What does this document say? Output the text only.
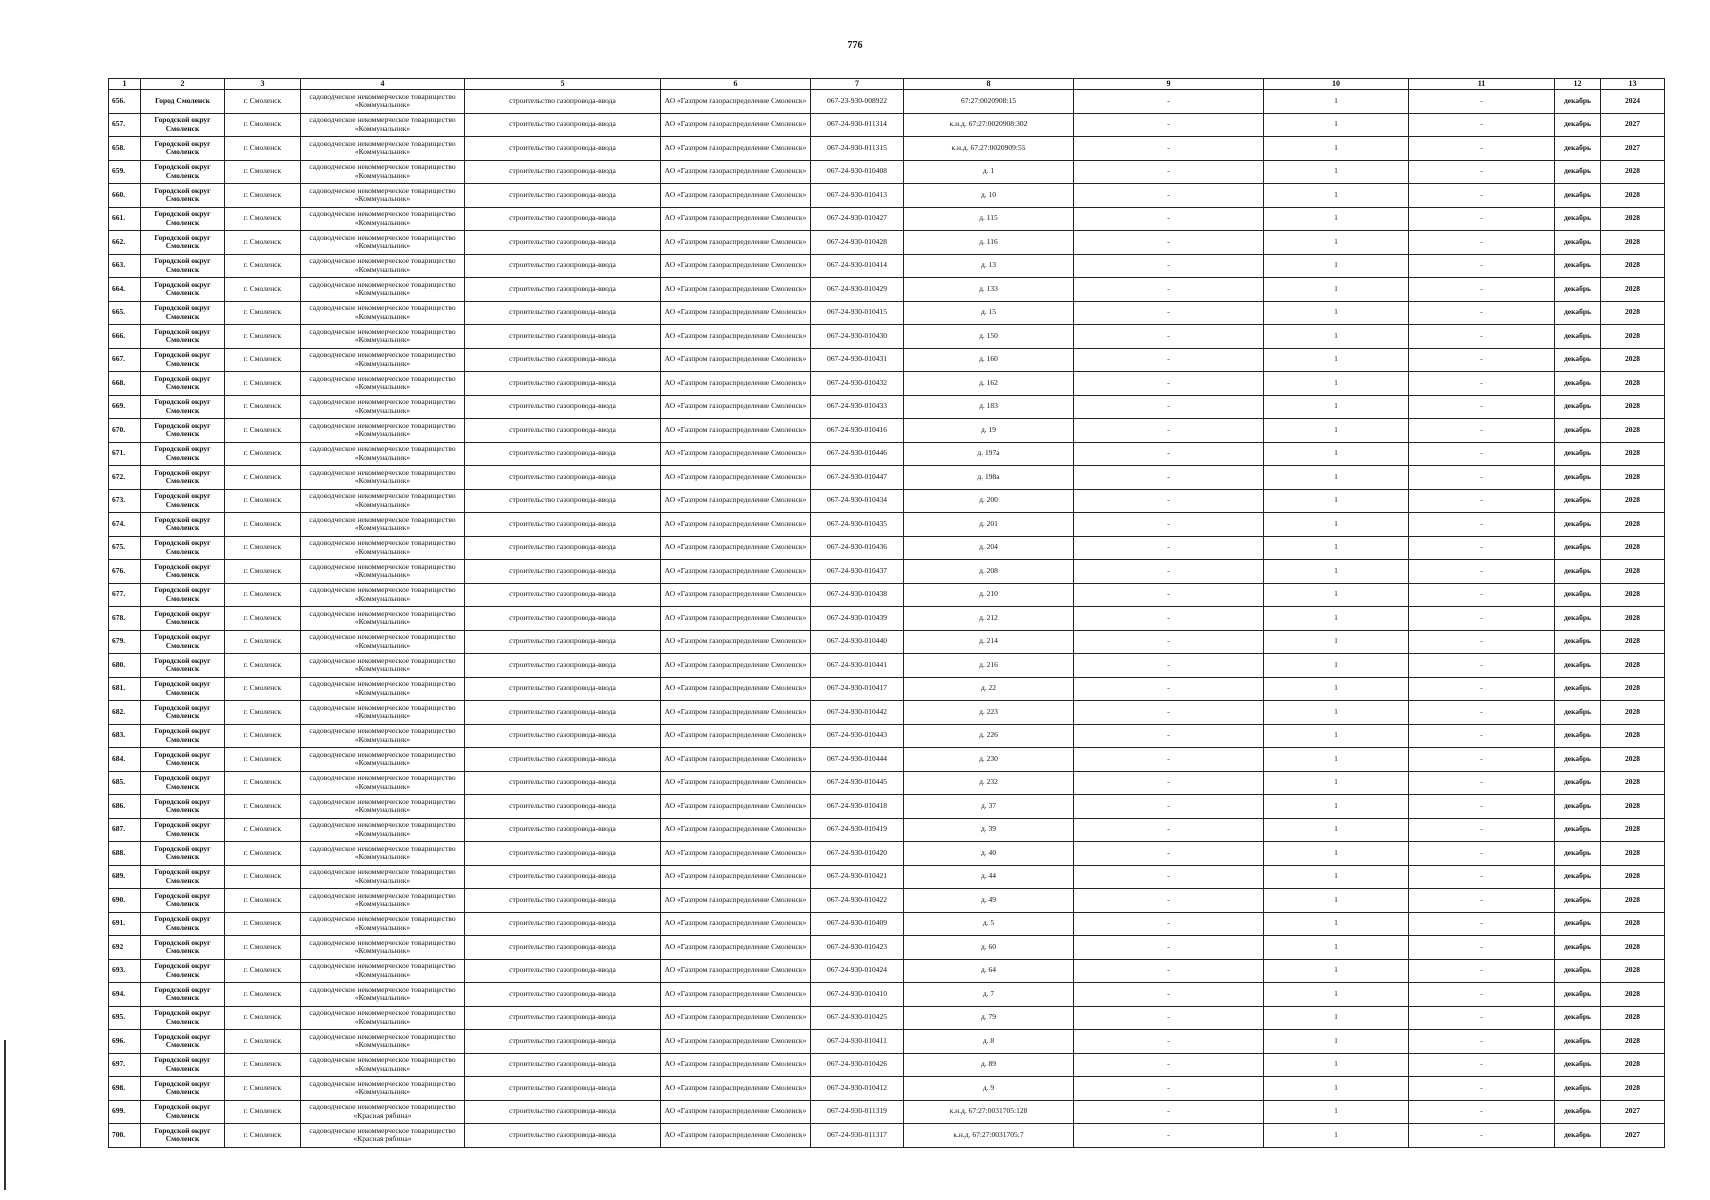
776
1	2	3	4	5	6	7	8	9	10	11	12	13
656.	Город Смоленск	г. Смоленск	садоводческое некоммерческое товарищество «Коммунальник»	строительство газопровода-ввода	АО «Газпром газораспределение Смоленск»	067-23-930-008922	67:27:0020908:15	-	1	-	декабрь	2024
657.	Городской округ Смоленск	г. Смоленск	садоводческое некоммерческое товарищество «Коммунальник»	строительство газопровода-ввода	АО «Газпром газораспределение Смоленск»	067-24-930-011314	к.н.д. 67:27:0020908:302	-	1	-	декабрь	2027
658.	Городской округ Смоленск	г. Смоленск	садоводческое некоммерческое товарищество «Коммунальник»	строительство газопровода-ввода	АО «Газпром газораспределение Смоленск»	067-24-930-011315	к.н.д. 67:27:0020909:55	-	1	-	декабрь	2027
659.	Городской округ Смоленск	г. Смоленск	садоводческое некоммерческое товарищество «Коммунальник»	строительство газопровода-ввода	АО «Газпром газораспределение Смоленск»	067-24-930-010408	д. 1	-	1	-	декабрь	2028
660.	Городской округ Смоленск	г. Смоленск	садоводческое некоммерческое товарищество «Коммунальник»	строительство газопровода-ввода	АО «Газпром газораспределение Смоленск»	067-24-930-010413	д. 10	-	1	-	декабрь	2028
661.	Городской округ Смоленск	г. Смоленск	садоводческое некоммерческое товарищество «Коммунальник»	строительство газопровода-ввода	АО «Газпром газораспределение Смоленск»	067-24-930-010427	д. 115	-	1	-	декабрь	2028
662.	Городской округ Смоленск	г. Смоленск	садоводческое некоммерческое товарищество «Коммунальник»	строительство газопровода-ввода	АО «Газпром газораспределение Смоленск»	067-24-930-010428	д. 116	-	1	-	декабрь	2028
663.	Городской округ Смоленск	г. Смоленск	садоводческое некоммерческое товарищество «Коммунальник»	строительство газопровода-ввода	АО «Газпром газораспределение Смоленск»	067-24-930-010414	д. 13	-	1	-	декабрь	2028
664.	Городской округ Смоленск	г. Смоленск	садоводческое некоммерческое товарищество «Коммунальник»	строительство газопровода-ввода	АО «Газпром газораспределение Смоленск»	067-24-930-010429	д. 133	-	1	-	декабрь	2028
665.	Городской округ Смоленск	г. Смоленск	садоводческое некоммерческое товарищество «Коммунальник»	строительство газопровода-ввода	АО «Газпром газораспределение Смоленск»	067-24-930-010415	д. 15	-	1	-	декабрь	2028
666.	Городской округ Смоленск	г. Смоленск	садоводческое некоммерческое товарищество «Коммунальник»	строительство газопровода-ввода	АО «Газпром газораспределение Смоленск»	067-24-930-010430	д. 150	-	1	-	декабрь	2028
667.	Городской округ Смоленск	г. Смоленск	садоводческое некоммерческое товарищество «Коммунальник»	строительство газопровода-ввода	АО «Газпром газораспределение Смоленск»	067-24-930-010431	д. 160	-	1	-	декабрь	2028
668.	Городской округ Смоленск	г. Смоленск	садоводческое некоммерческое товарищество «Коммунальник»	строительство газопровода-ввода	АО «Газпром газораспределение Смоленск»	067-24-930-010432	д. 162	-	1	-	декабрь	2028
669.	Городской округ Смоленск	г. Смоленск	садоводческое некоммерческое товарищество «Коммунальник»	строительство газопровода-ввода	АО «Газпром газораспределение Смоленск»	067-24-930-010433	д. 183	-	1	-	декабрь	2028
670.	Городской округ Смоленск	г. Смоленск	садоводческое некоммерческое товарищество «Коммунальник»	строительство газопровода-ввода	АО «Газпром газораспределение Смоленск»	067-24-930-010416	д. 19	-	1	-	декабрь	2028
671.	Городской округ Смоленск	г. Смоленск	садоводческое некоммерческое товарищество «Коммунальник»	строительство газопровода-ввода	АО «Газпром газораспределение Смоленск»	067-24-930-010446	д. 197а	-	1	-	декабрь	2028
672.	Городской округ Смоленск	г. Смоленск	садоводческое некоммерческое товарищество «Коммунальник»	строительство газопровода-ввода	АО «Газпром газораспределение Смоленск»	067-24-930-010447	д. 198а	-	1	-	декабрь	2028
673.	Городской округ Смоленск	г. Смоленск	садоводческое некоммерческое товарищество «Коммунальник»	строительство газопровода-ввода	АО «Газпром газораспределение Смоленск»	067-24-930-010434	д. 200	-	1	-	декабрь	2028
674.	Городской округ Смоленск	г. Смоленск	садоводческое некоммерческое товарищество «Коммунальник»	строительство газопровода-ввода	АО «Газпром газораспределение Смоленск»	067-24-930-010435	д. 201	-	1	-	декабрь	2028
675.	Городской округ Смоленск	г. Смоленск	садоводческое некоммерческое товарищество «Коммунальник»	строительство газопровода-ввода	АО «Газпром газораспределение Смоленск»	067-24-930-010436	д. 204	-	1	-	декабрь	2028
676.	Городской округ Смоленск	г. Смоленск	садоводческое некоммерческое товарищество «Коммунальник»	строительство газопровода-ввода	АО «Газпром газораспределение Смоленск»	067-24-930-010437	д. 208	-	1	-	декабрь	2028
677.	Городской округ Смоленск	г. Смоленск	садоводческое некоммерческое товарищество «Коммунальник»	строительство газопровода-ввода	АО «Газпром газораспределение Смоленск»	067-24-930-010438	д. 210	-	1	-	декабрь	2028
678.	Городской округ Смоленск	г. Смоленск	садоводческое некоммерческое товарищество «Коммунальник»	строительство газопровода-ввода	АО «Газпром газораспределение Смоленск»	067-24-930-010439	д. 212	-	1	-	декабрь	2028
679.	Городской округ Смоленск	г. Смоленск	садоводческое некоммерческое товарищество «Коммунальник»	строительство газопровода-ввода	АО «Газпром газораспределение Смоленск»	067-24-930-010440	д. 214	-	1	-	декабрь	2028
680.	Городской округ Смоленск	г. Смоленск	садоводческое некоммерческое товарищество «Коммунальник»	строительство газопровода-ввода	АО «Газпром газораспределение Смоленск»	067-24-930-010441	д. 216	-	1	-	декабрь	2028
681.	Городской округ Смоленск	г. Смоленск	садоводческое некоммерческое товарищество «Коммунальник»	строительство газопровода-ввода	АО «Газпром газораспределение Смоленск»	067-24-930-010417	д. 22	-	1	-	декабрь	2028
682.	Городской округ Смоленск	г. Смоленск	садоводческое некоммерческое товарищество «Коммунальник»	строительство газопровода-ввода	АО «Газпром газораспределение Смоленск»	067-24-930-010442	д. 223	-	1	-	декабрь	2028
683.	Городской округ Смоленск	г. Смоленск	садоводческое некоммерческое товарищество «Коммунальник»	строительство газопровода-ввода	АО «Газпром газораспределение Смоленск»	067-24-930-010443	д. 226	-	1	-	декабрь	2028
684.	Городской округ Смоленск	г. Смоленск	садоводческое некоммерческое товарищество «Коммунальник»	строительство газопровода-ввода	АО «Газпром газораспределение Смоленск»	067-24-930-010444	д. 230	-	1	-	декабрь	2028
685.	Городской округ Смоленск	г. Смоленск	садоводческое некоммерческое товарищество «Коммунальник»	строительство газопровода-ввода	АО «Газпром газораспределение Смоленск»	067-24-930-010445	д. 232	-	1	-	декабрь	2028
686.	Городской округ Смоленск	г. Смоленск	садоводческое некоммерческое товарищество «Коммунальник»	строительство газопровода-ввода	АО «Газпром газораспределение Смоленск»	067-24-930-010418	д. 37	-	1	-	декабрь	2028
687.	Городской округ Смоленск	г. Смоленск	садоводческое некоммерческое товарищество «Коммунальник»	строительство газопровода-ввода	АО «Газпром газораспределение Смоленск»	067-24-930-010419	д. 39	-	1	-	декабрь	2028
688.	Городской округ Смоленск	г. Смоленск	садоводческое некоммерческое товарищество «Коммунальник»	строительство газопровода-ввода	АО «Газпром газораспределение Смоленск»	067-24-930-010420	д. 40	-	1	-	декабрь	2028
689.	Городской округ Смоленск	г. Смоленск	садоводческое некоммерческое товарищество «Коммунальник»	строительство газопровода-ввода	АО «Газпром газораспределение Смоленск»	067-24-930-010421	д. 44	-	1	-	декабрь	2028
690.	Городской округ Смоленск	г. Смоленск	садоводческое некоммерческое товарищество «Коммунальник»	строительство газопровода-ввода	АО «Газпром газораспределение Смоленск»	067-24-930-010422	д. 49	-	1	-	декабрь	2028
691.	Городской округ Смоленск	г. Смоленск	садоводческое некоммерческое товарищество «Коммунальник»	строительство газопровода-ввода	АО «Газпром газораспределение Смоленск»	067-24-930-010409	д. 5	-	1	-	декабрь	2028
692	Городской округ Смоленск	г. Смоленск	садоводческое некоммерческое товарищество «Коммунальник»	строительство газопровода-ввода	АО «Газпром газораспределение Смоленск»	067-24-930-010423	д. 60	-	1	-	декабрь	2028
693.	Городской округ Смоленск	г. Смоленск	садоводческое некоммерческое товарищество «Коммунальник»	строительство газопровода-ввода	АО «Газпром газораспределение Смоленск»	067-24-930-010424	д. 64	-	1	-	декабрь	2028
694.	Городской округ Смоленск	г. Смоленск	садоводческое некоммерческое товарищество «Коммунальник»	строительство газопровода-ввода	АО «Газпром газораспределение Смоленск»	067-24-930-010410	д. 7	-	1	-	декабрь	2028
695.	Городской округ Смоленск	г. Смоленск	садоводческое некоммерческое товарищество «Коммунальник»	строительство газопровода-ввода	АО «Газпром газораспределение Смоленск»	067-24-930-010425	д. 79	-	1	-	декабрь	2028
696.	Городской округ Смоленск	г. Смоленск	садоводческое некоммерческое товарищество «Коммунальник»	строительство газопровода-ввода	АО «Газпром газораспределение Смоленск»	067-24-930-010411	д. 8	-	1	-	декабрь	2028
697.	Городской округ Смоленск	г. Смоленск	садоводческое некоммерческое товарищество «Коммунальник»	строительство газопровода-ввода	АО «Газпром газораспределение Смоленск»	067-24-930-010426	д. 89	-	1	-	декабрь	2028
698.	Городской округ Смоленск	г. Смоленск	садоводческое некоммерческое товарищество «Коммунальник»	строительство газопровода-ввода	АО «Газпром газораспределение Смоленск»	067-24-930-010412	д. 9	-	1	-	декабрь	2028
699.	Городской округ Смоленск	г. Смоленск	садоводческое некоммерческое товарищество «Красная рябина»	строительство газопровода-ввода	АО «Газпром газораспределение Смоленск»	067-24-930-011319	к.н.д. 67:27:0031705:128	-	1	-	декабрь	2027
700.	Городской округ Смоленск	г. Смоленск	садоводческое некоммерческое товарищество «Красная рябина»	строительство газопровода-ввода	АО «Газпром газораспределение Смоленск»	067-24-930-011317	к.н.д. 67:27:0031705:7	-	1	-	декабрь	2027
